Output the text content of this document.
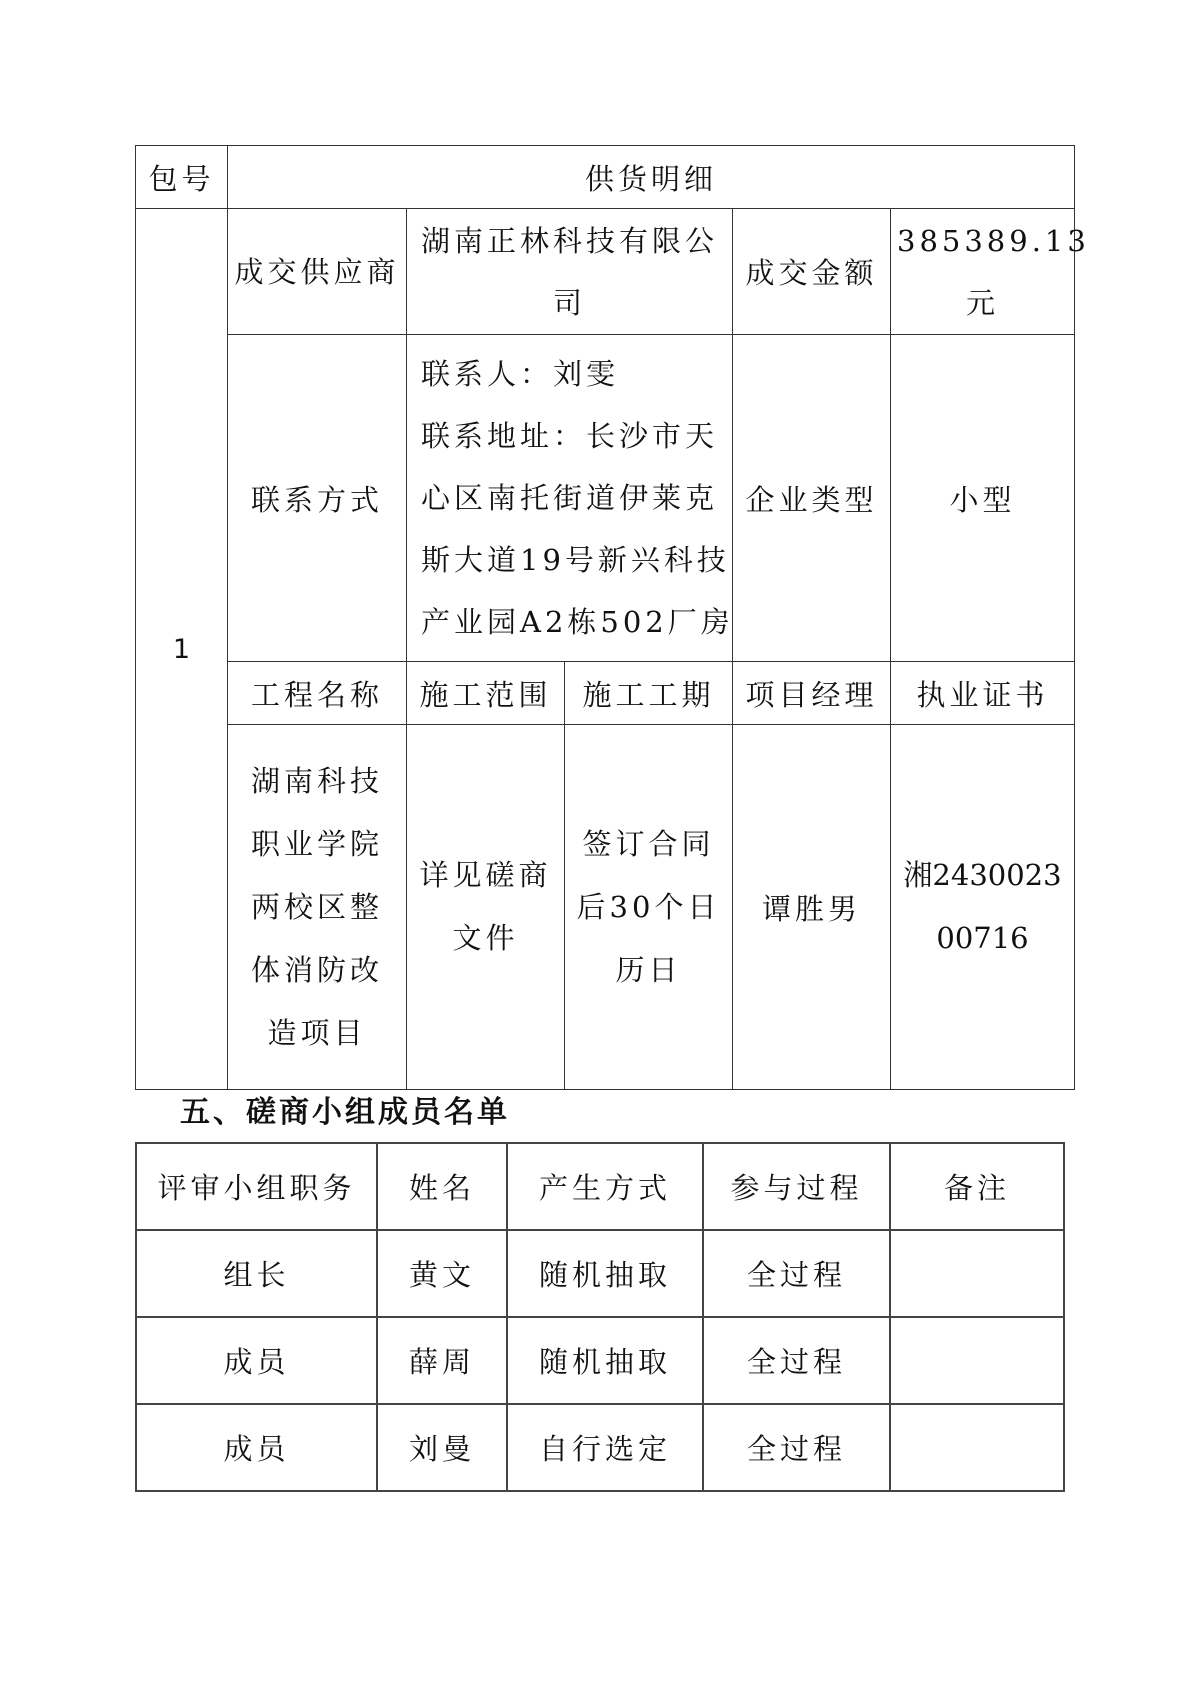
包号	供货明细				
1	成交供应商	湖南正林科技有限公司		成交金额	385389.13元
	联系方式	联系人：刘雯
联系地址：长沙市天
心区南托街道伊莱克
斯大道19号新兴科技
产业园A2栋502厂房		企业类型	小型
	工程名称	施工范围	施工工期	项目经理	执业证书
	湖南科技职业学院两校区整体消防改造项目	详见磋商文件	签订合同后30个日历日	谭胜男	湘243002300716
五、磋商小组成员名单
评审小组职务	姓名	产生方式	参与过程	备注
组长	黄文	随机抽取	全过程	
成员	薛周	随机抽取	全过程	
成员	刘曼	自行选定	全过程	
